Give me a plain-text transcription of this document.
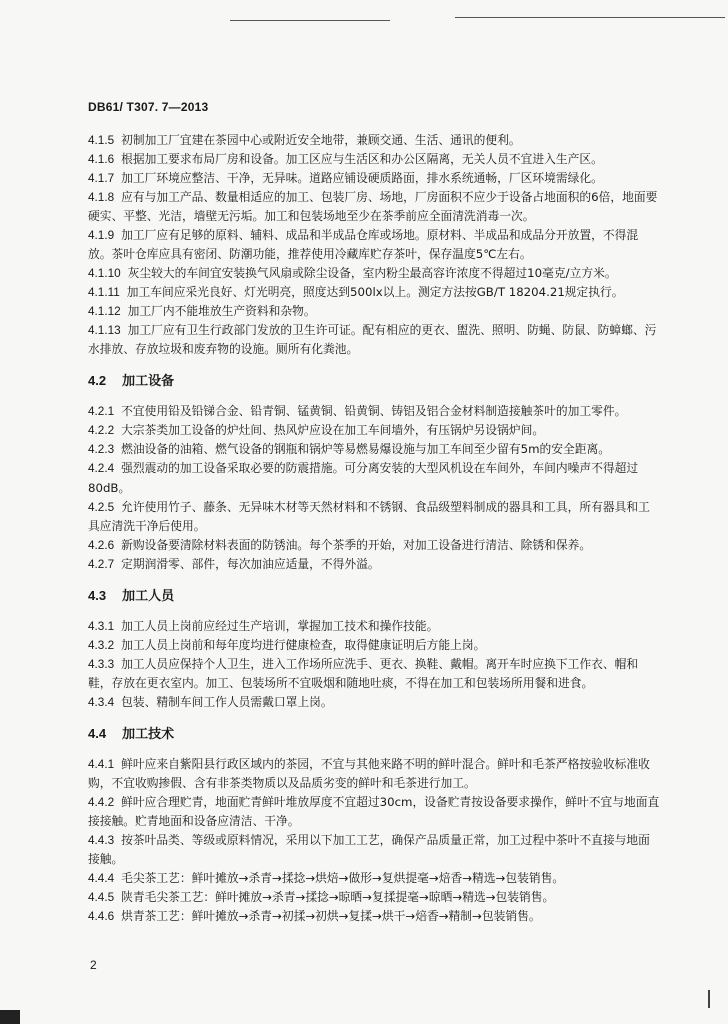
DB61/ T307. 7—2013

4.1.5 初制加工厂宜建在茶园中心或附近安全地带，兼顾交通、生活、通讯的便利。

4.1.6 根据加工要求布局厂房和设备。加工区应与生活区和办公区隔离，无关人员不宜进入生产区。

4.1.7 加工厂环境应整洁、干净，无异味。道路应铺设硬质路面，排水系统通畅，厂区环境需绿化。

4.1.8 应有与加工产品、数量相适应的加工、包装厂房、场地，厂房面积不应少于设备占地面积的6倍，地面要硬实、平整、光洁，墙壁无污垢。加工和包装场地至少在茶季前应全面清洗消毒一次。

4.1.9 加工厂应有足够的原料、辅料、成品和半成品仓库或场地。原材料、半成品和成品分开放置，不得混放。茶叶仓库应具有密闭、防潮功能，推荐使用冷藏库贮存茶叶，保存温度5℃左右。

4.1.10 灰尘较大的车间宜安装换气风扇或除尘设备，室内粉尘最高容许浓度不得超过10毫克/立方米。

4.1.11 加工车间应采光良好、灯光明亮，照度达到500lx以上。测定方法按GB/T 18204.21规定执行。

4.1.12 加工厂内不能堆放生产资料和杂物。

4.1.13 加工厂应有卫生行政部门发放的卫生许可证。配有相应的更衣、盥洗、照明、防蝇、防鼠、防蟑螂、污水排放、存放垃圾和废弃物的设施。厕所有化粪池。

4.2 加工设备

4.2.1 不宜使用铅及铅锑合金、铅青铜、锰黄铜、铅黄铜、铸铝及铝合金材料制造接触茶叶的加工零件。

4.2.2 大宗茶类加工设备的炉灶间、热风炉应设在加工车间墙外，有压锅炉另设锅炉间。

4.2.3 燃油设备的油箱、燃气设备的钢瓶和锅炉等易燃易爆设施与加工车间至少留有5m的安全距离。

4.2.4 强烈震动的加工设备采取必要的防震措施。可分离安装的大型风机设在车间外，车间内噪声不得超过80dB。

4.2.5 允许使用竹子、藤条、无异味木材等天然材料和不锈钢、食品级塑料制成的器具和工具，所有器具和工具应清洗干净后使用。

4.2.6 新购设备要清除材料表面的防锈油。每个茶季的开始，对加工设备进行清洁、除锈和保养。

4.2.7 定期润滑零、部件，每次加油应适量，不得外溢。

4.3 加工人员

4.3.1 加工人员上岗前应经过生产培训，掌握加工技术和操作技能。

4.3.2 加工人员上岗前和每年度均进行健康检查，取得健康证明后方能上岗。

4.3.3 加工人员应保持个人卫生，进入工作场所应洗手、更衣、换鞋、戴帽。离开车时应换下工作衣、帽和鞋，存放在更衣室内。加工、包装场所不宜吸烟和随地吐痰，不得在加工和包装场所用餐和进食。

4.3.4 包装、精制车间工作人员需戴口罩上岗。

4.4 加工技术

4.4.1 鲜叶应来自紫阳县行政区域内的茶园，不宜与其他来路不明的鲜叶混合。鲜叶和毛茶严格按验收标准收购，不宜收购掺假、含有非茶类物质以及品质劣变的鲜叶和毛茶进行加工。

4.4.2 鲜叶应合理贮青，地面贮青鲜叶堆放厚度不宜超过30cm，设备贮青按设备要求操作，鲜叶不宜与地面直接接触。贮青地面和设备应清洁、干净。

4.4.3 按茶叶品类、等级或原料情况，采用以下加工工艺，确保产品质量正常，加工过程中茶叶不直接与地面接触。

4.4.4 毛尖茶工艺：鲜叶摊放→杀青→揉捻→烘焙→做形→复烘提毫→焙香→精选→包装销售。

4.4.5 陕青毛尖茶工艺：鲜叶摊放→杀青→揉捻→晾晒→复揉提毫→晾晒→精选→包装销售。

4.4.6 烘青茶工艺：鲜叶摊放→杀青→初揉→初烘→复揉→烘干→焙香→精制→包装销售。

2
